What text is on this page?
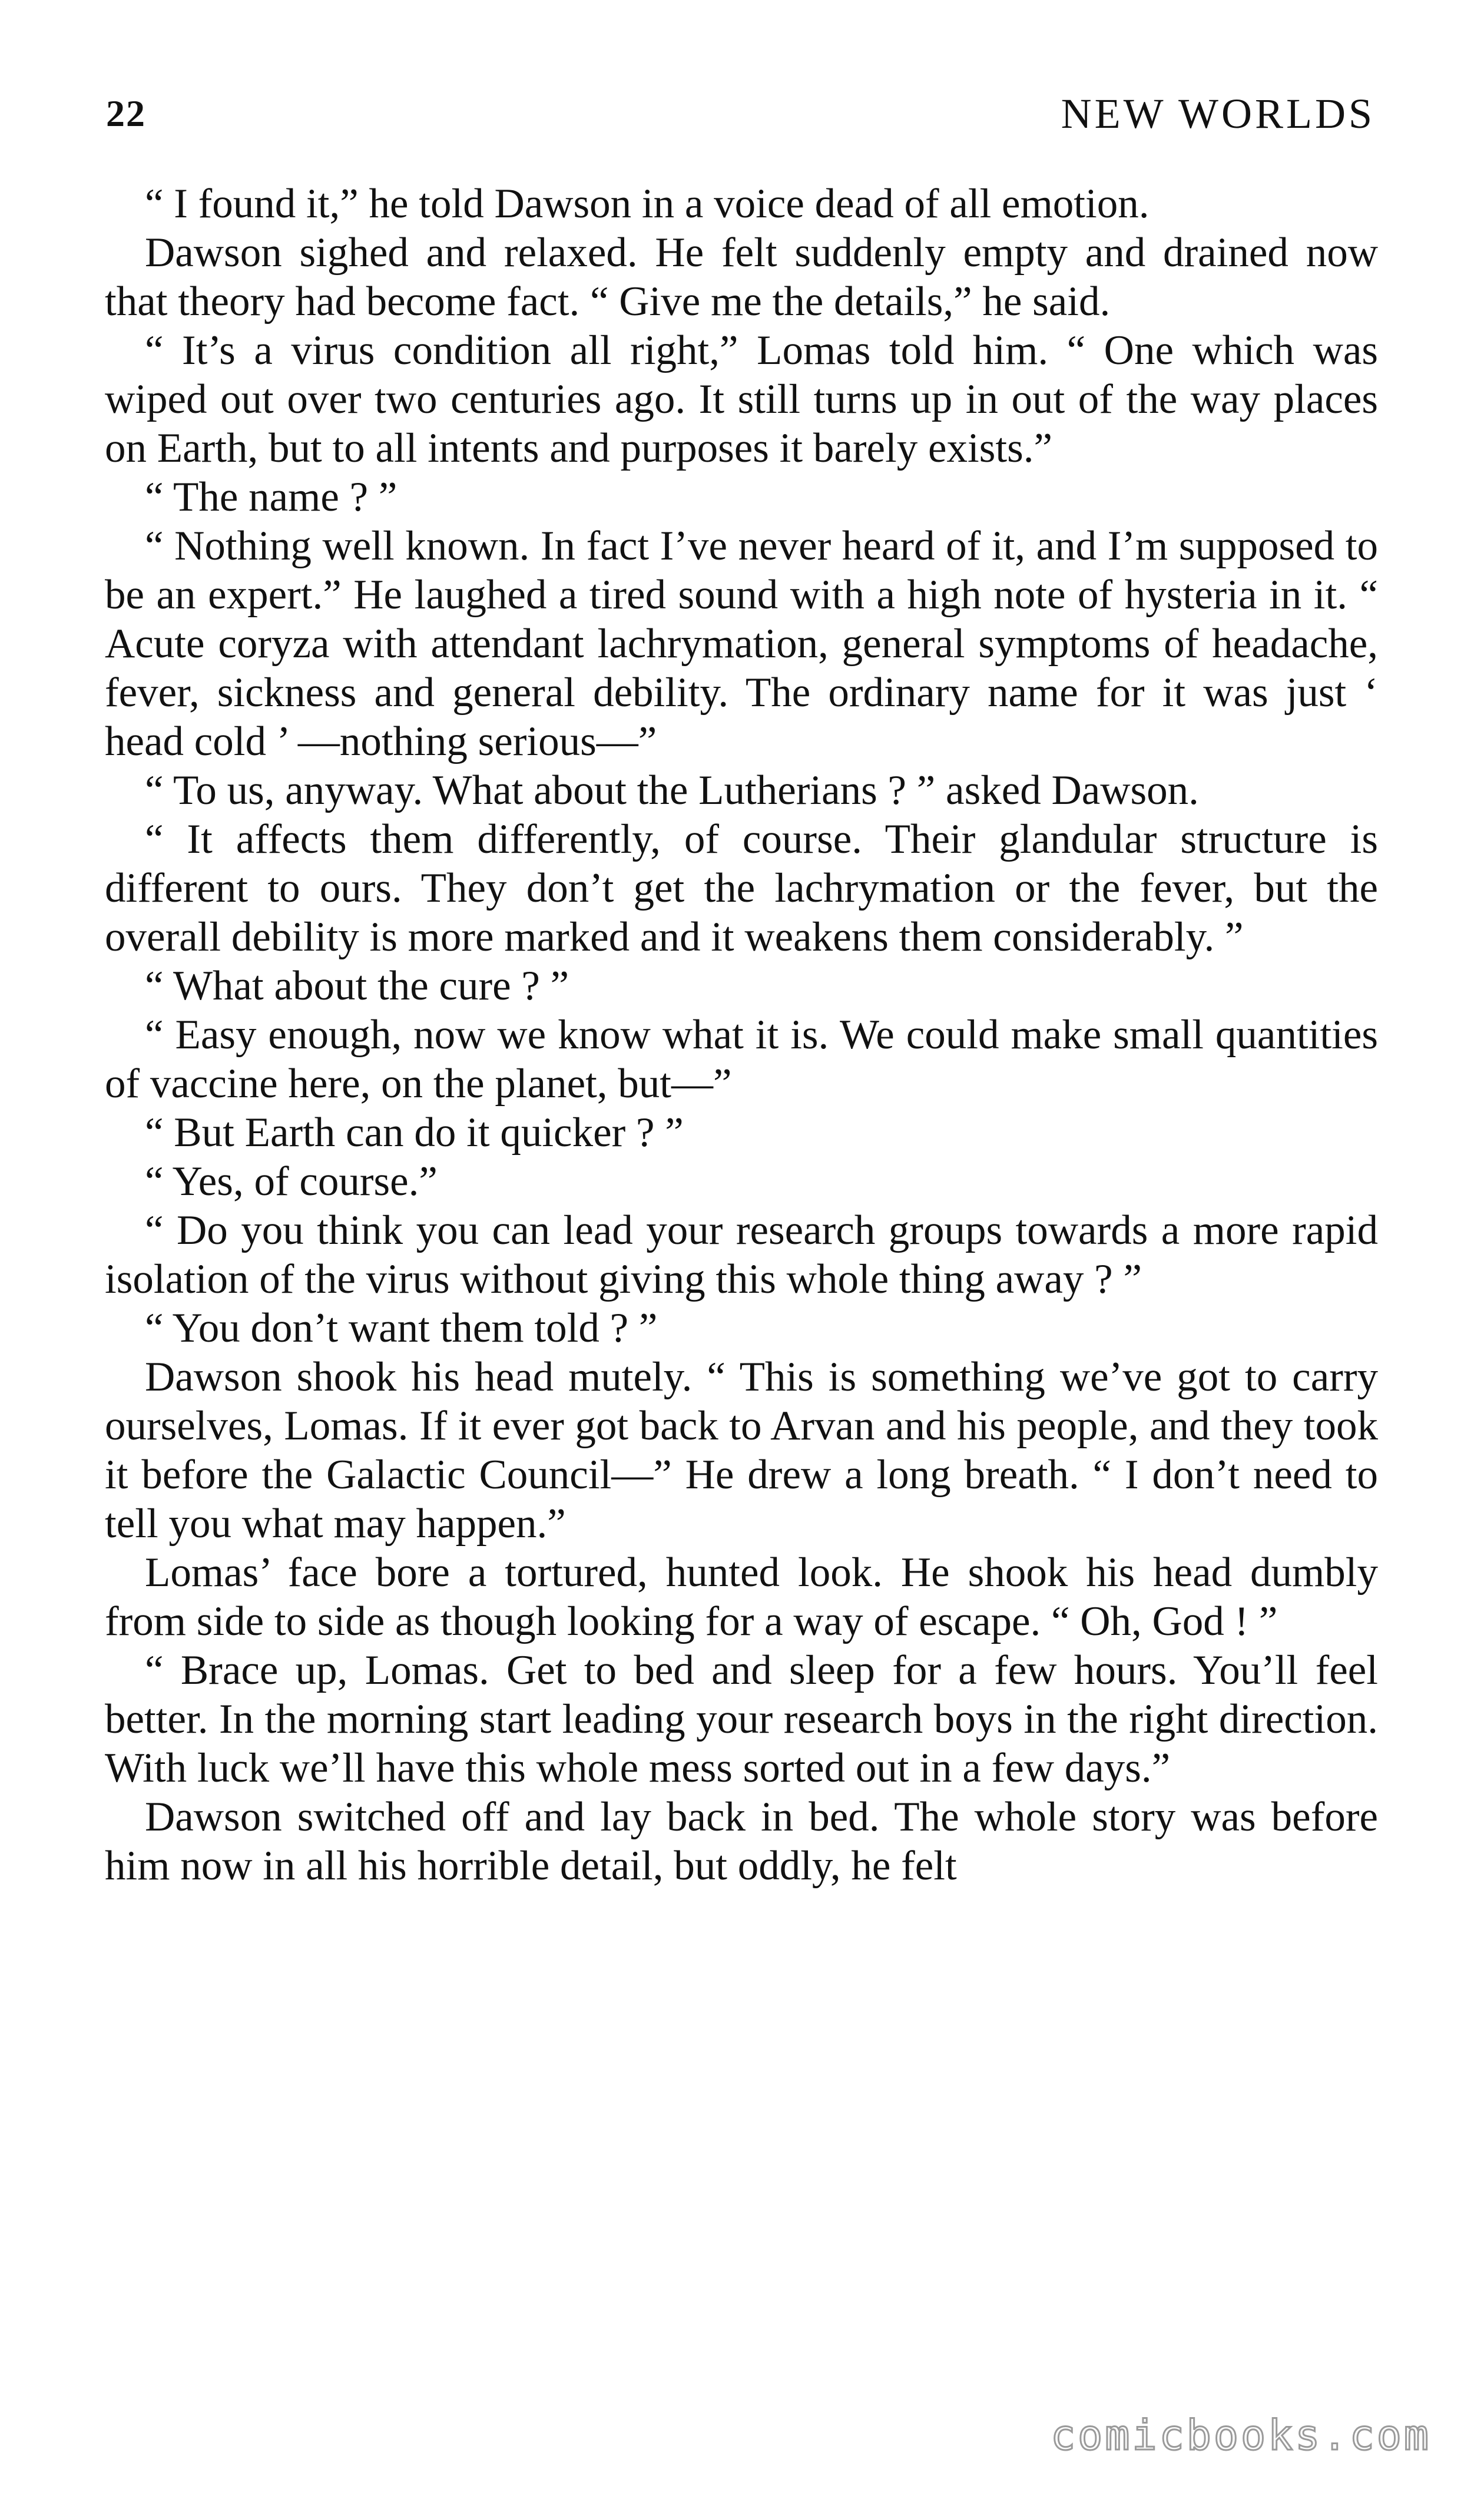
22	NEW WORLDS

“ I found it,” he told Dawson in a voice dead of all emotion.

Dawson sighed and relaxed. He felt suddenly empty and drained now that theory had become fact. “ Give me the details,” he said.

“ It’s a virus condition all right,” Lomas told him. “ One which was wiped out over two centuries ago. It still turns up in out of the way places on Earth, but to all intents and purposes it barely exists.”

“ The name ? ”

“ Nothing well known. In fact I’ve never heard of it, and I’m supposed to be an expert.” He laughed a tired sound with a high note of hysteria in it. “ Acute coryza with attendant lachrymation, general symptoms of headache, fever, sickness and general debility. The ordinary name for it was just ‘ head cold ’ —nothing serious—”

“ To us, anyway. What about the Lutherians ? ” asked Dawson.

“ It affects them differently, of course. Their glandular structure is different to ours. They don’t get the lachrymation or the fever, but the overall debility is more marked and it weakens them considerably. ”

“ What about the cure ? ”

“ Easy enough, now we know what it is. We could make small quantities of vaccine here, on the planet, but—”

“ But Earth can do it quicker ? ”

“ Yes, of course.”

“ Do you think you can lead your research groups towards a more rapid isolation of the virus without giving this whole thing away ? ”

“ You don’t want them told ? ”

Dawson shook his head mutely. “ This is something we’ve got to carry ourselves, Lomas. If it ever got back to Arvan and his people, and they took it before the Galactic Council—” He drew a long breath. “ I don’t need to tell you what may happen.”

Lomas’ face bore a tortured, hunted look. He shook his head dumbly from side to side as though looking for a way of escape. “ Oh, God ! ”

“ Brace up, Lomas. Get to bed and sleep for a few hours. You’ll feel better. In the morning start leading your research boys in the right direction. With luck we’ll have this whole mess sorted out in a few days.”

Dawson switched off and lay back in bed. The whole story was before him now in all his horrible detail, but oddly, he felt

comicbooks.com
